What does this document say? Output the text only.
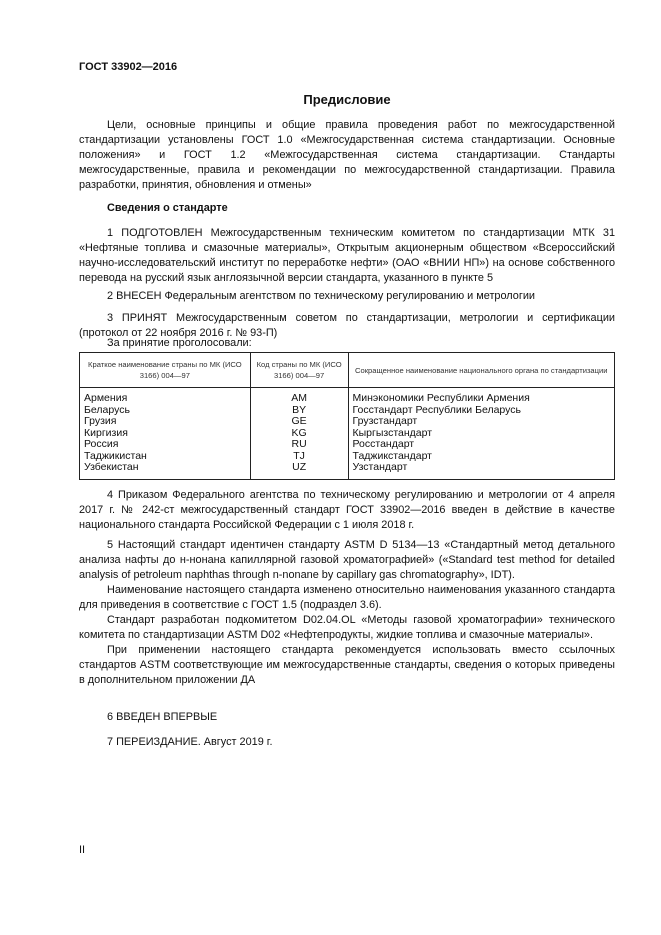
ГОСТ 33902—2016
Предисловие
Цели, основные принципы и общие правила проведения работ по межгосударственной стандартизации установлены ГОСТ 1.0 «Межгосударственная система стандартизации. Основные положения» и ГОСТ 1.2 «Межгосударственная система стандартизации. Стандарты межгосударственные, правила и рекомендации по межгосударственной стандартизации. Правила разработки, принятия, обновления и отмены»
Сведения о стандарте
1 ПОДГОТОВЛЕН Межгосударственным техническим комитетом по стандартизации МТК 31 «Нефтяные топлива и смазочные материалы», Открытым акционерным обществом «Всероссийский научно-исследовательский институт по переработке нефти» (ОАО «ВНИИ НП») на основе собственного перевода на русский язык англоязычной версии стандарта, указанного в пункте 5
2 ВНЕСЕН Федеральным агентством по техническому регулированию и метрологии
3 ПРИНЯТ Межгосударственным советом по стандартизации, метрологии и сертификации (протокол от 22 ноября 2016 г. № 93-П)
За принятие проголосовали:
Краткое наименование страны по МК (ИСО 3166) 004—97	Код страны по МК (ИСО 3166) 004—97	Сокращенное наименование национального органа по стандартизации
Армения	AM	Минэкономики Республики Армения
Беларусь	BY	Госстандарт Республики Беларусь
Грузия	GE	Грузстандарт
Киргизия	KG	Кыргызстандарт
Россия	RU	Росстандарт
Таджикистан	TJ	Таджикстандарт
Узбекистан	UZ	Узстандарт
4 Приказом Федерального агентства по техническому регулированию и метрологии от 4 апреля 2017 г. № 242-ст межгосударственный стандарт ГОСТ 33902—2016 введен в действие в качестве национального стандарта Российской Федерации с 1 июля 2018 г.

5 Настоящий стандарт идентичен стандарту ASTM D 5134—13 «Стандартный метод детального анализа нафты до н-нонана капиллярной газовой хроматографией» («Standard test method for detailed analysis of petroleum naphthas through n-nonane by capillary gas chromatography», IDT).

Наименование настоящего стандарта изменено относительно наименования указанного стандарта для приведения в соответствие с ГОСТ 1.5 (подраздел 3.6).

Стандарт разработан подкомитетом D02.04.OL «Методы газовой хроматографии» технического комитета по стандартизации ASTM D02 «Нефтепродукты, жидкие топлива и смазочные материалы».

При применении настоящего стандарта рекомендуется использовать вместо ссылочных стандартов ASTM соответствующие им межгосударственные стандарты, сведения о которых приведены в дополнительном приложении ДА

6 ВВЕДЕН ВПЕРВЫЕ
7 ПЕРЕИЗДАНИЕ. Август 2019 г.
II
